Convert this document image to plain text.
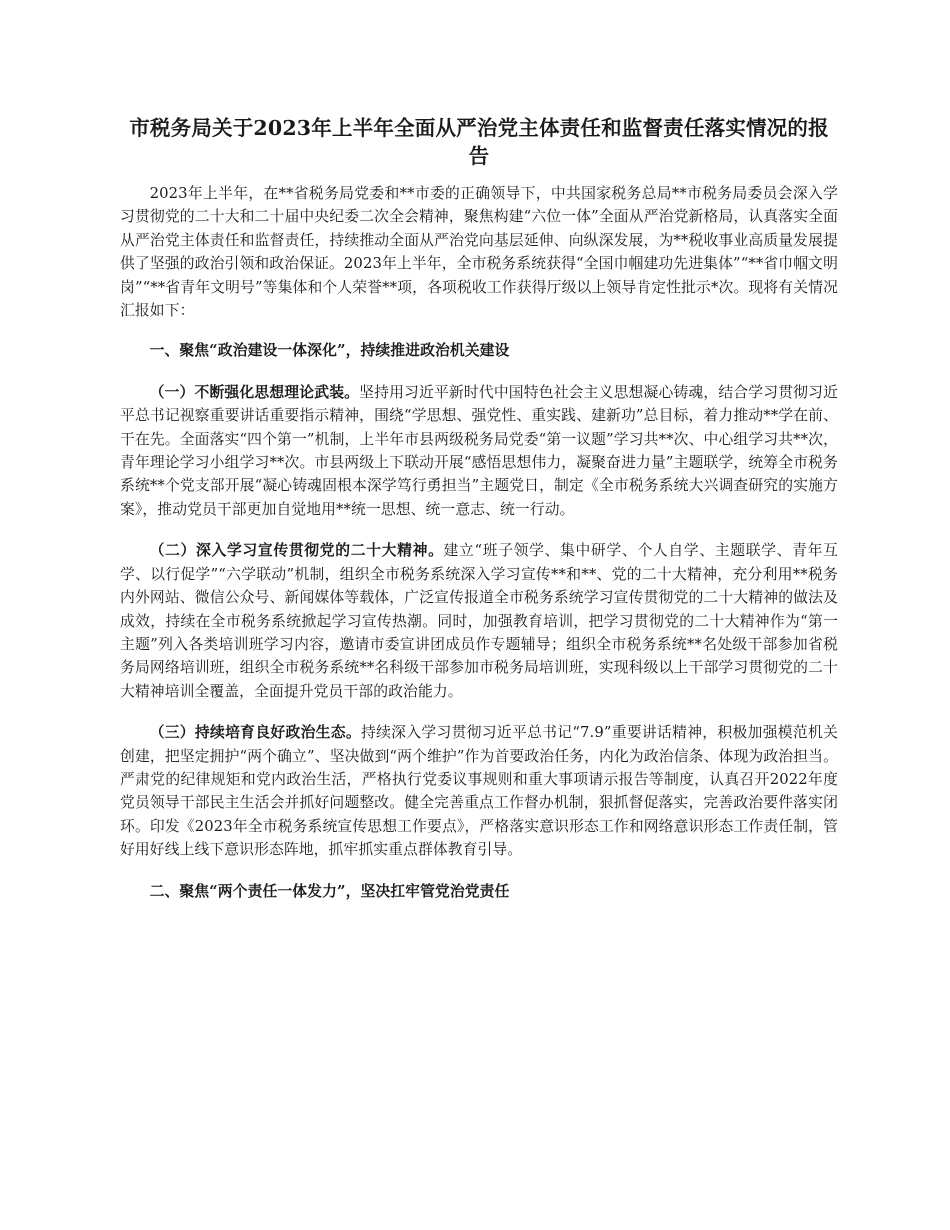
市税务局关于2023年上半年全面从严治党主体责任和监督责任落实情况的报告

2023年上半年，在**省税务局党委和**市委的正确领导下，中共国家税务总局**市税务局委员会深入学习贯彻党的二十大和二十届中央纪委二次全会精神，聚焦构建“六位一体”全面从严治党新格局，认真落实全面从严治党主体责任和监督责任，持续推动全面从严治党向基层延伸、向纵深发展，为**税收事业高质量发展提供了坚强的政治引领和政治保证。2023年上半年，全市税务系统获得“全国巾帼建功先进集体”“**省巾帼文明岗”“**省青年文明号”等集体和个人荣誉**项，各项税收工作获得厅级以上领导肯定性批示*次。现将有关情况汇报如下：

一、聚焦“政治建设一体深化”，持续推进政治机关建设

（一）不断强化思想理论武装。坚持用习近平新时代中国特色社会主义思想凝心铸魂，结合学习贯彻习近平总书记视察重要讲话重要指示精神，围绕“学思想、强党性、重实践、建新功”总目标，着力推动**学在前、干在先。全面落实“四个第一”机制，上半年市县两级税务局党委“第一议题”学习共**次、中心组学习共**次，青年理论学习小组学习**次。市县两级上下联动开展“感悟思想伟力，凝聚奋进力量”主题联学，统筹全市税务系统**个党支部开展“凝心铸魂固根本深学笃行勇担当”主题党日，制定《全市税务系统大兴调查研究的实施方案》，推动党员干部更加自觉地用**统一思想、统一意志、统一行动。

（二）深入学习宣传贯彻党的二十大精神。建立“班子领学、集中研学、个人自学、主题联学、青年互学、以行促学”“六学联动”机制，组织全市税务系统深入学习宣传**和**、党的二十大精神，充分利用**税务内外网站、微信公众号、新闻媒体等载体，广泛宣传报道全市税务系统学习宣传贯彻党的二十大精神的做法及成效，持续在全市税务系统掀起学习宣传热潮。同时，加强教育培训，把学习贯彻党的二十大精神作为“第一主题”列入各类培训班学习内容，邀请市委宣讲团成员作专题辅导；组织全市税务系统**名处级干部参加省税务局网络培训班，组织全市税务系统**名科级干部参加市税务局培训班，实现科级以上干部学习贯彻党的二十大精神培训全覆盖，全面提升党员干部的政治能力。

（三）持续培育良好政治生态。持续深入学习贯彻习近平总书记“7.9”重要讲话精神，积极加强模范机关创建，把坚定拥护“两个确立”、坚决做到“两个维护”作为首要政治任务，内化为政治信条、体现为政治担当。严肃党的纪律规矩和党内政治生活，严格执行党委议事规则和重大事项请示报告等制度，认真召开2022年度党员领导干部民主生活会并抓好问题整改。健全完善重点工作督办机制，狠抓督促落实，完善政治要件落实闭环。印发《2023年全市税务系统宣传思想工作要点》，严格落实意识形态工作和网络意识形态工作责任制，管好用好线上线下意识形态阵地，抓牢抓实重点群体教育引导。

二、聚焦“两个责任一体发力”，坚决扛牢管党治党责任
